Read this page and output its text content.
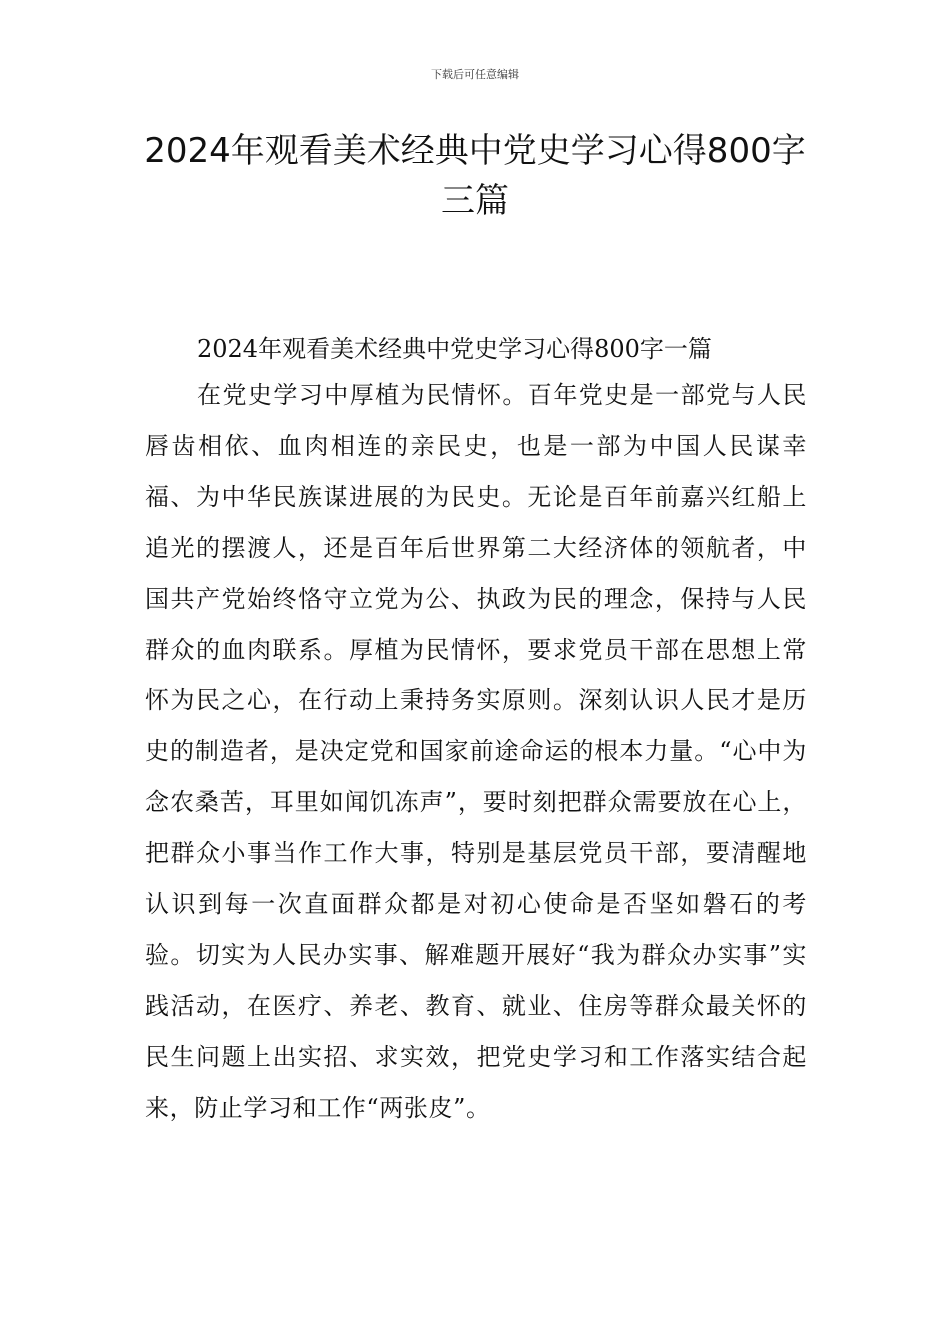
下载后可任意编辑
2024年观看美术经典中党史学习心得800字三篇

2024年观看美术经典中党史学习心得800字一篇

在党史学习中厚植为民情怀。百年党史是一部党与人民唇齿相依、血肉相连的亲民史，也是一部为中国人民谋幸福、为中华民族谋进展的为民史。无论是百年前嘉兴红船上追光的摆渡人，还是百年后世界第二大经济体的领航者，中国共产党始终恪守立党为公、执政为民的理念，保持与人民群众的血肉联系。厚植为民情怀，要求党员干部在思想上常怀为民之心，在行动上秉持务实原则。深刻认识人民才是历史的制造者，是决定党和国家前途命运的根本力量。“心中为念农桑苦，耳里如闻饥冻声”，要时刻把群众需要放在心上，把群众小事当作工作大事，特别是基层党员干部，要清醒地认识到每一次直面群众都是对初心使命是否坚如磐石的考验。切实为人民办实事、解难题开展好“我为群众办实事”实践活动，在医疗、养老、教育、就业、住房等群众最关怀的民生问题上出实招、求实效，把党史学习和工作落实结合起来，防止学习和工作“两张皮”。
